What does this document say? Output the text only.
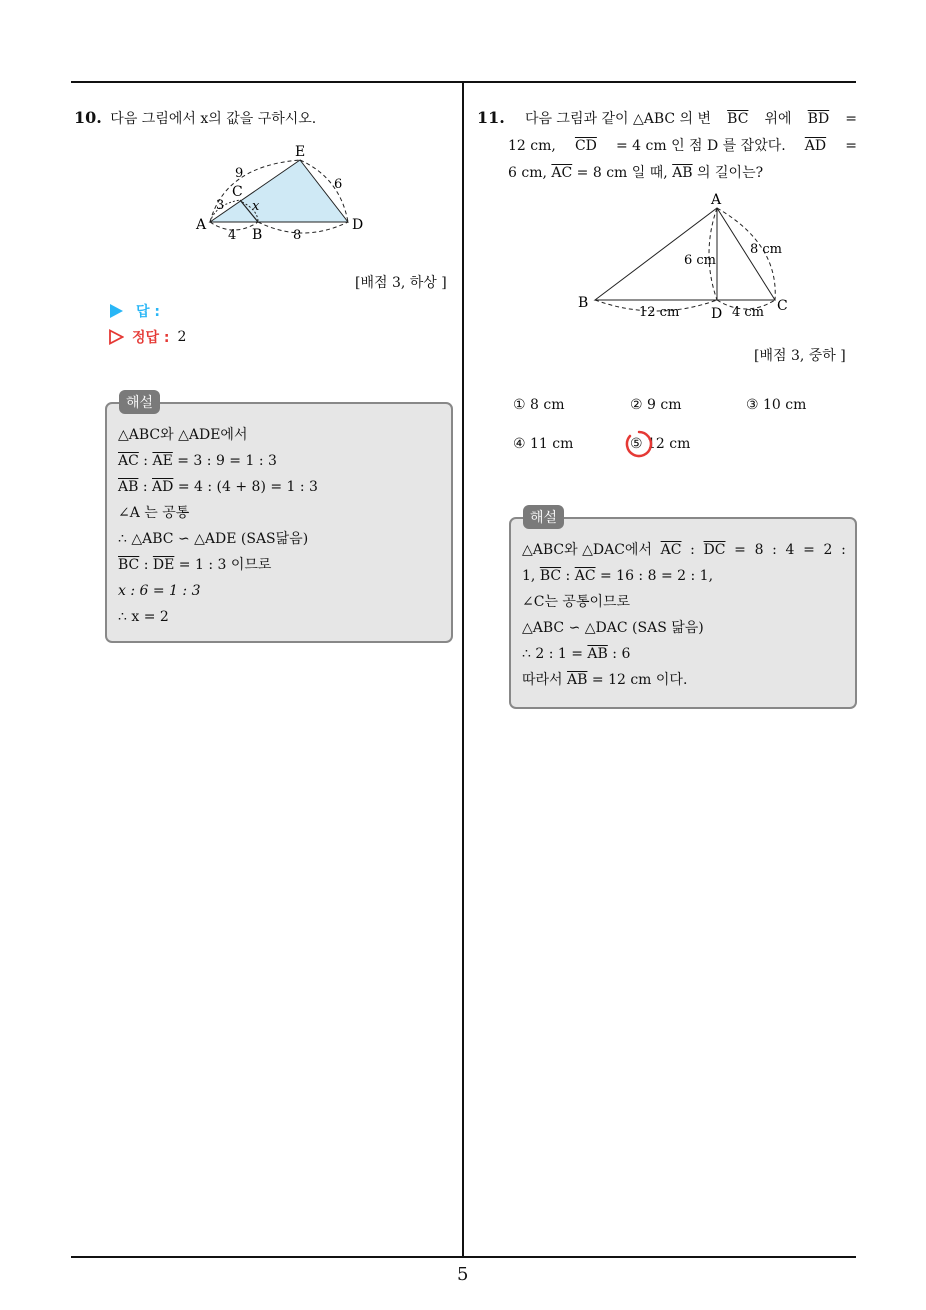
10. 다음 그림에서 x의 값을 구하시오.
E
C
A
B
D
x
9
6
3
4	8
[배점 3, 하상 ]
답 :
정답 : 2
△ABC와 △ADE에서
$\overline{AC}$ : $\overline{AE} = 3$ : 9 = 1 : 3
$\overline{AB}$ : $\overline{AD} = 4$ : (4 + 8) = 1 : 3
∠A 는 공통
∴ △ABC ∽ △ADE (SAS닮음)
$\overline{BC}$ : $\overline{DE} = 1$ : 3 이므로
x : 6 = 1 : 3
∴ x = 2
해설
11. 다음 그림과 같이 △ABC 의 변 $\overline{BC}$ 위에 $\overline{BD}$ =
12 cm, $\overline{CD} = 4$ cm 인 점 D 를 잡았다. $\overline{AD}$ =
6 cm, $\overline{AC} = 8$ cm 일 때, $\overline{AB}$ 의 길이는?
A
B	C
D
6 cm
8 cm
12 cm	4 cm
[배점 3, 중하 ]
① 8 cm	② 9 cm	③ 10 cm
④ 11 cm	⑤ 12 cm
△ABC와 △DAC에서 $\overline{AC}$ : $\overline{DC} = 8$ : 4 = 2 :
1, $\overline{BC}$ : $\overline{AC} = 16$ : 8 = 2 : 1,
∠C는 공통이므로
△ABC ∽ △DAC (SAS 닮음)
∴ 2 : $1 = \overline{AB}$ : 6
따라서 $\overline{AB} = 12$ cm 이다.
해설
5
